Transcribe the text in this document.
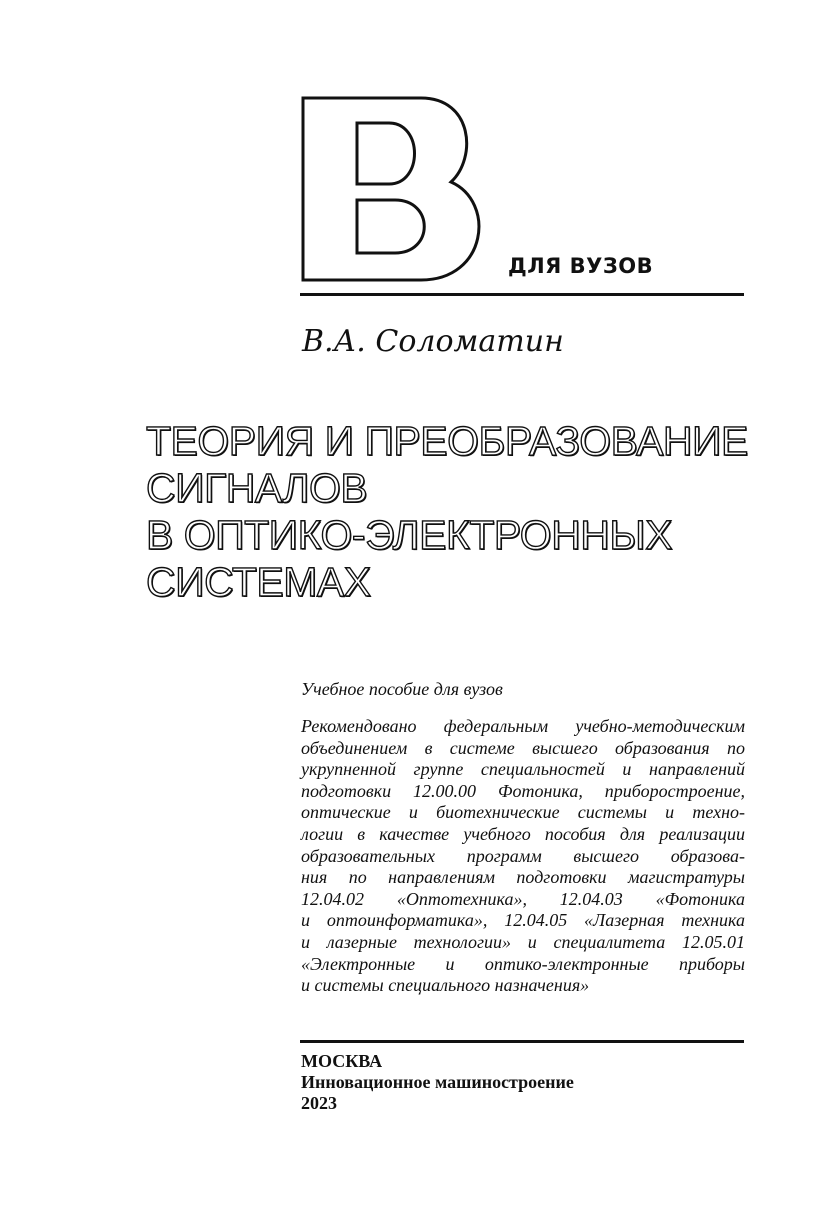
ДЛЯ ВУЗОВ
В.А. Соломатин
ТЕОРИЯ И ПРЕОБРАЗОВАНИЕ
СИГНАЛОВ
В ОПТИКО-ЭЛЕКТРОННЫХ
СИСТЕМАХ
Учебное пособие для вузов

Рекомендовано федеральным учебно-методическим
объединением в системе высшего образования по
укрупненной группе специальностей и направлений
подготовки 12.00.00 Фотоника, приборостроение,
оптические и биотехнические системы и техно-
логии в качестве учебного пособия для реализации
образовательных программ высшего образова-
ния по направлениям подготовки магистратуры
12.04.02 «Оптотехника», 12.04.03 «Фотоника
и оптоинформатика», 12.04.05 «Лазерная техника
и лазерные технологии» и специалитета 12.05.01
«Электронные и оптико-электронные приборы
и системы специального назначения»

МОСКВА
Инновационное машиностроение
2023
